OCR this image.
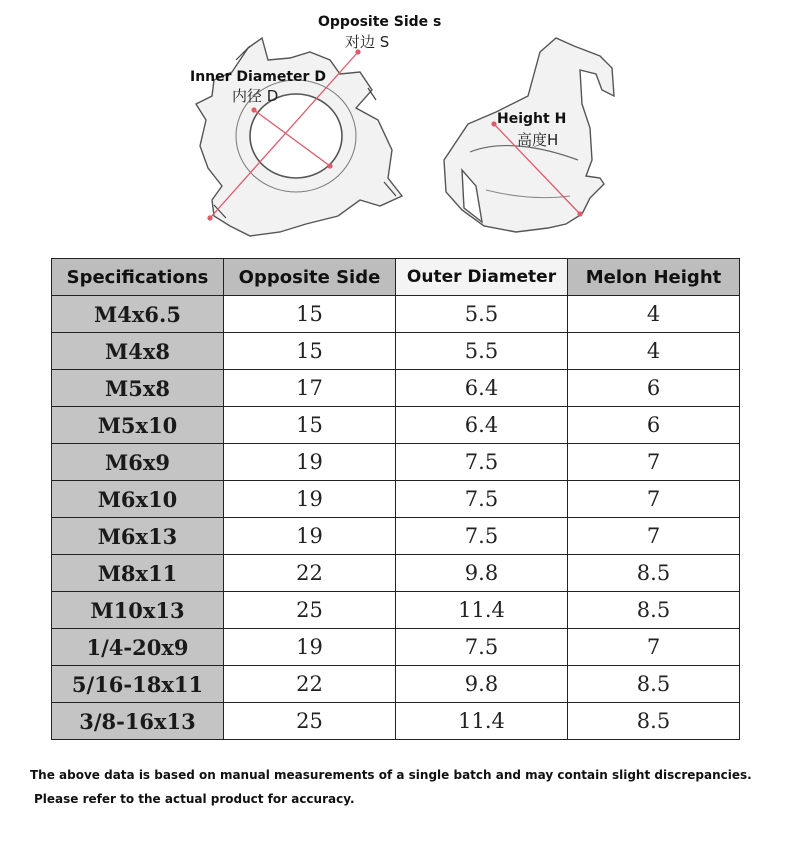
Opposite Side s
对边 S
Inner Diameter D
内径 D
Height H
高度H
Specifications	Opposite Side	Outer Diameter	Melon Height
M4x6.5	15	5.5	4
M4x8	15	5.5	4
M5x8	17	6.4	6
M5x10	15	6.4	6
M6x9	19	7.5	7
M6x10	19	7.5	7
M6x13	19	7.5	7
M8x11	22	9.8	8.5
M10x13	25	11.4	8.5
1/4-20x9	19	7.5	7
5/16-18x11	22	9.8	8.5
3/8-16x13	25	11.4	8.5
The above data is based on manual measurements of a single batch and may contain slight discrepancies.
Please refer to the actual product for accuracy.
